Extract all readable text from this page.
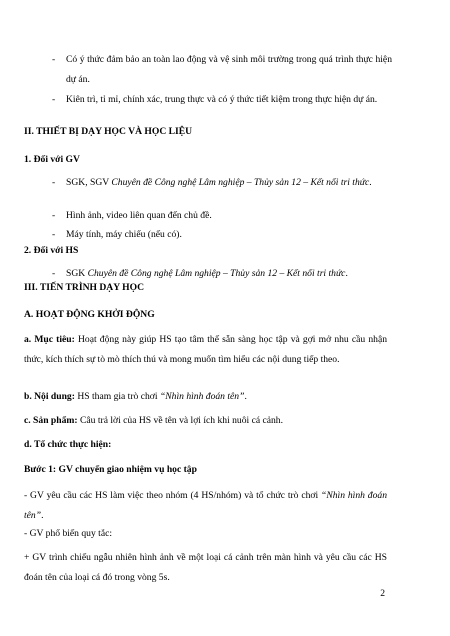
- Có ý thức đảm bảo an toàn lao động và vệ sinh môi trường trong quá trình thực hiện dự án.
- Kiên trì, tỉ mỉ, chính xác, trung thực và có ý thức tiết kiệm trong thực hiện dự án.
II. THIẾT BỊ DẠY HỌC VÀ HỌC LIỆU
1. Đối với GV
- SGK, SGV Chuyên đề Công nghệ Lâm nghiệp – Thủy sản 12 – Kết nối tri thức.
- Hình ảnh, video liên quan đến chủ đề.
- Máy tính, máy chiếu (nếu có).
2. Đối với HS
- SGK Chuyên đề Công nghệ Lâm nghiệp – Thủy sản 12 – Kết nối tri thức.
III. TIẾN TRÌNH DẠY HỌC
A. HOẠT ĐỘNG KHỞI ĐỘNG
a. Mục tiêu: Hoạt động này giúp HS tạo tâm thế sẵn sàng học tập và gợi mở nhu cầu nhận thức, kích thích sự tò mò thích thú và mong muốn tìm hiểu các nội dung tiếp theo.
b. Nội dung: HS tham gia trò chơi “Nhìn hình đoán tên”.
c. Sản phẩm: Câu trả lời của HS về tên và lợi ích khi nuôi cá cảnh.
d. Tổ chức thực hiện:
Bước 1: GV chuyển giao nhiệm vụ học tập
- GV yêu cầu các HS làm việc theo nhóm (4 HS/nhóm) và tổ chức trò chơi “Nhìn hình đoán tên”.
- GV phổ biến quy tắc:
+ GV trình chiếu ngẫu nhiên hình ảnh về một loại cá cảnh trên màn hình và yêu cầu các HS đoán tên của loại cá đó trong vòng 5s.
2
